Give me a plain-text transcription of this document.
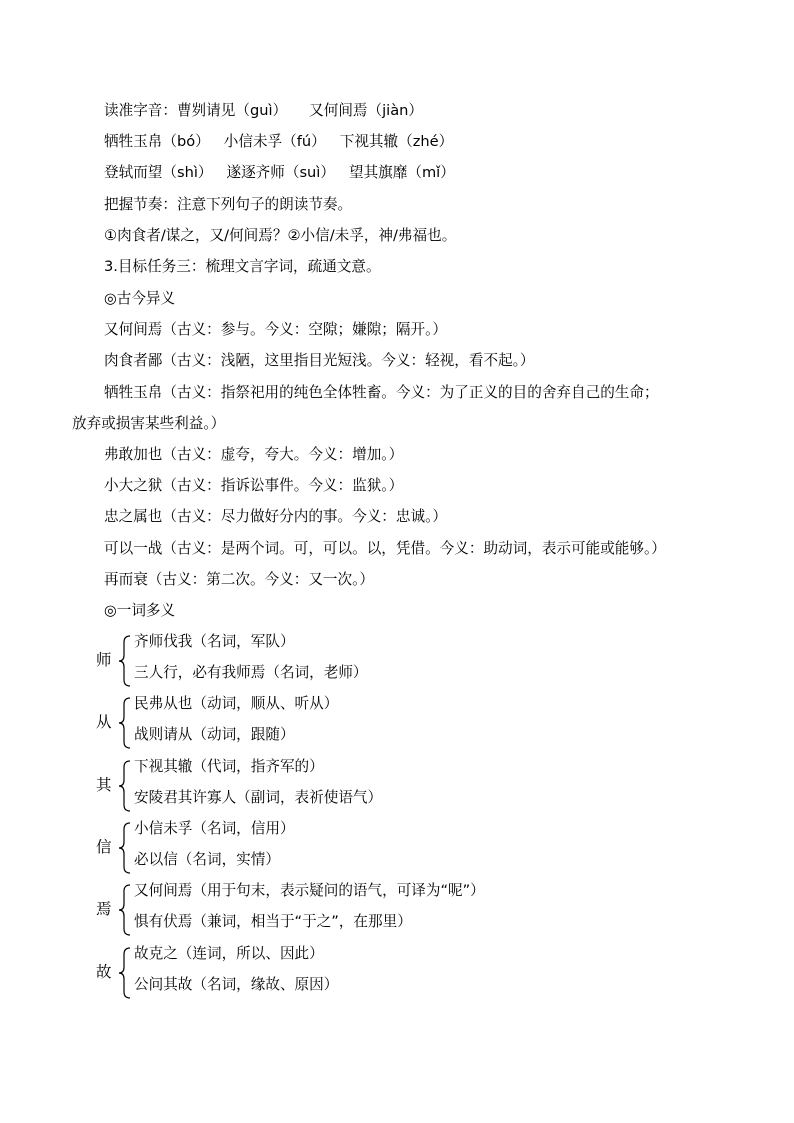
读准字音：曹刿请见（guì） 又何间焉（jiàn）
牺牲玉帛（bó） 小信未孚（fú） 下视其辙（zhé）
登轼而望（shì） 遂逐齐师（suì） 望其旗靡（mǐ）
把握节奏：注意下列句子的朗读节奏。
①肉食者/谋之，又/何间焉？②小信/未孚，神/弗福也。
3.目标任务三：梳理文言字词，疏通文意。
◎古今异义
又何间焉（古义：参与。今义：空隙；嫌隙；隔开。）
肉食者鄙（古义：浅陋，这里指目光短浅。今义：轻视，看不起。）
牺牲玉帛（古义：指祭祀用的纯色全体牲畜。今义：为了正义的目的舍弃自己的生命；
放弃或损害某些利益。）
弗敢加也（古义：虚夸，夸大。今义：增加。）
小大之狱（古义：指诉讼事件。今义：监狱。）
忠之属也（古义：尽力做好分内的事。今义：忠诚。）
可以一战（古义：是两个词。可，可以。以，凭借。今义：助动词，表示可能或能够。）
再而衰（古义：第二次。今义：又一次。）
◎一词多义
师
齐师伐我（名词，军队）
三人行，必有我师焉（名词，老师）
从
民弗从也（动词，顺从、听从）
战则请从（动词，跟随）
其
下视其辙（代词，指齐军的）
安陵君其许寡人（副词，表祈使语气）
信
小信未孚（名词，信用）
必以信（名词，实情）
焉
又何间焉（用于句末，表示疑问的语气，可译为“呢”）
惧有伏焉（兼词，相当于“于之”，在那里）
故
故克之（连词，所以、因此）
公问其故（名词，缘故、原因）
